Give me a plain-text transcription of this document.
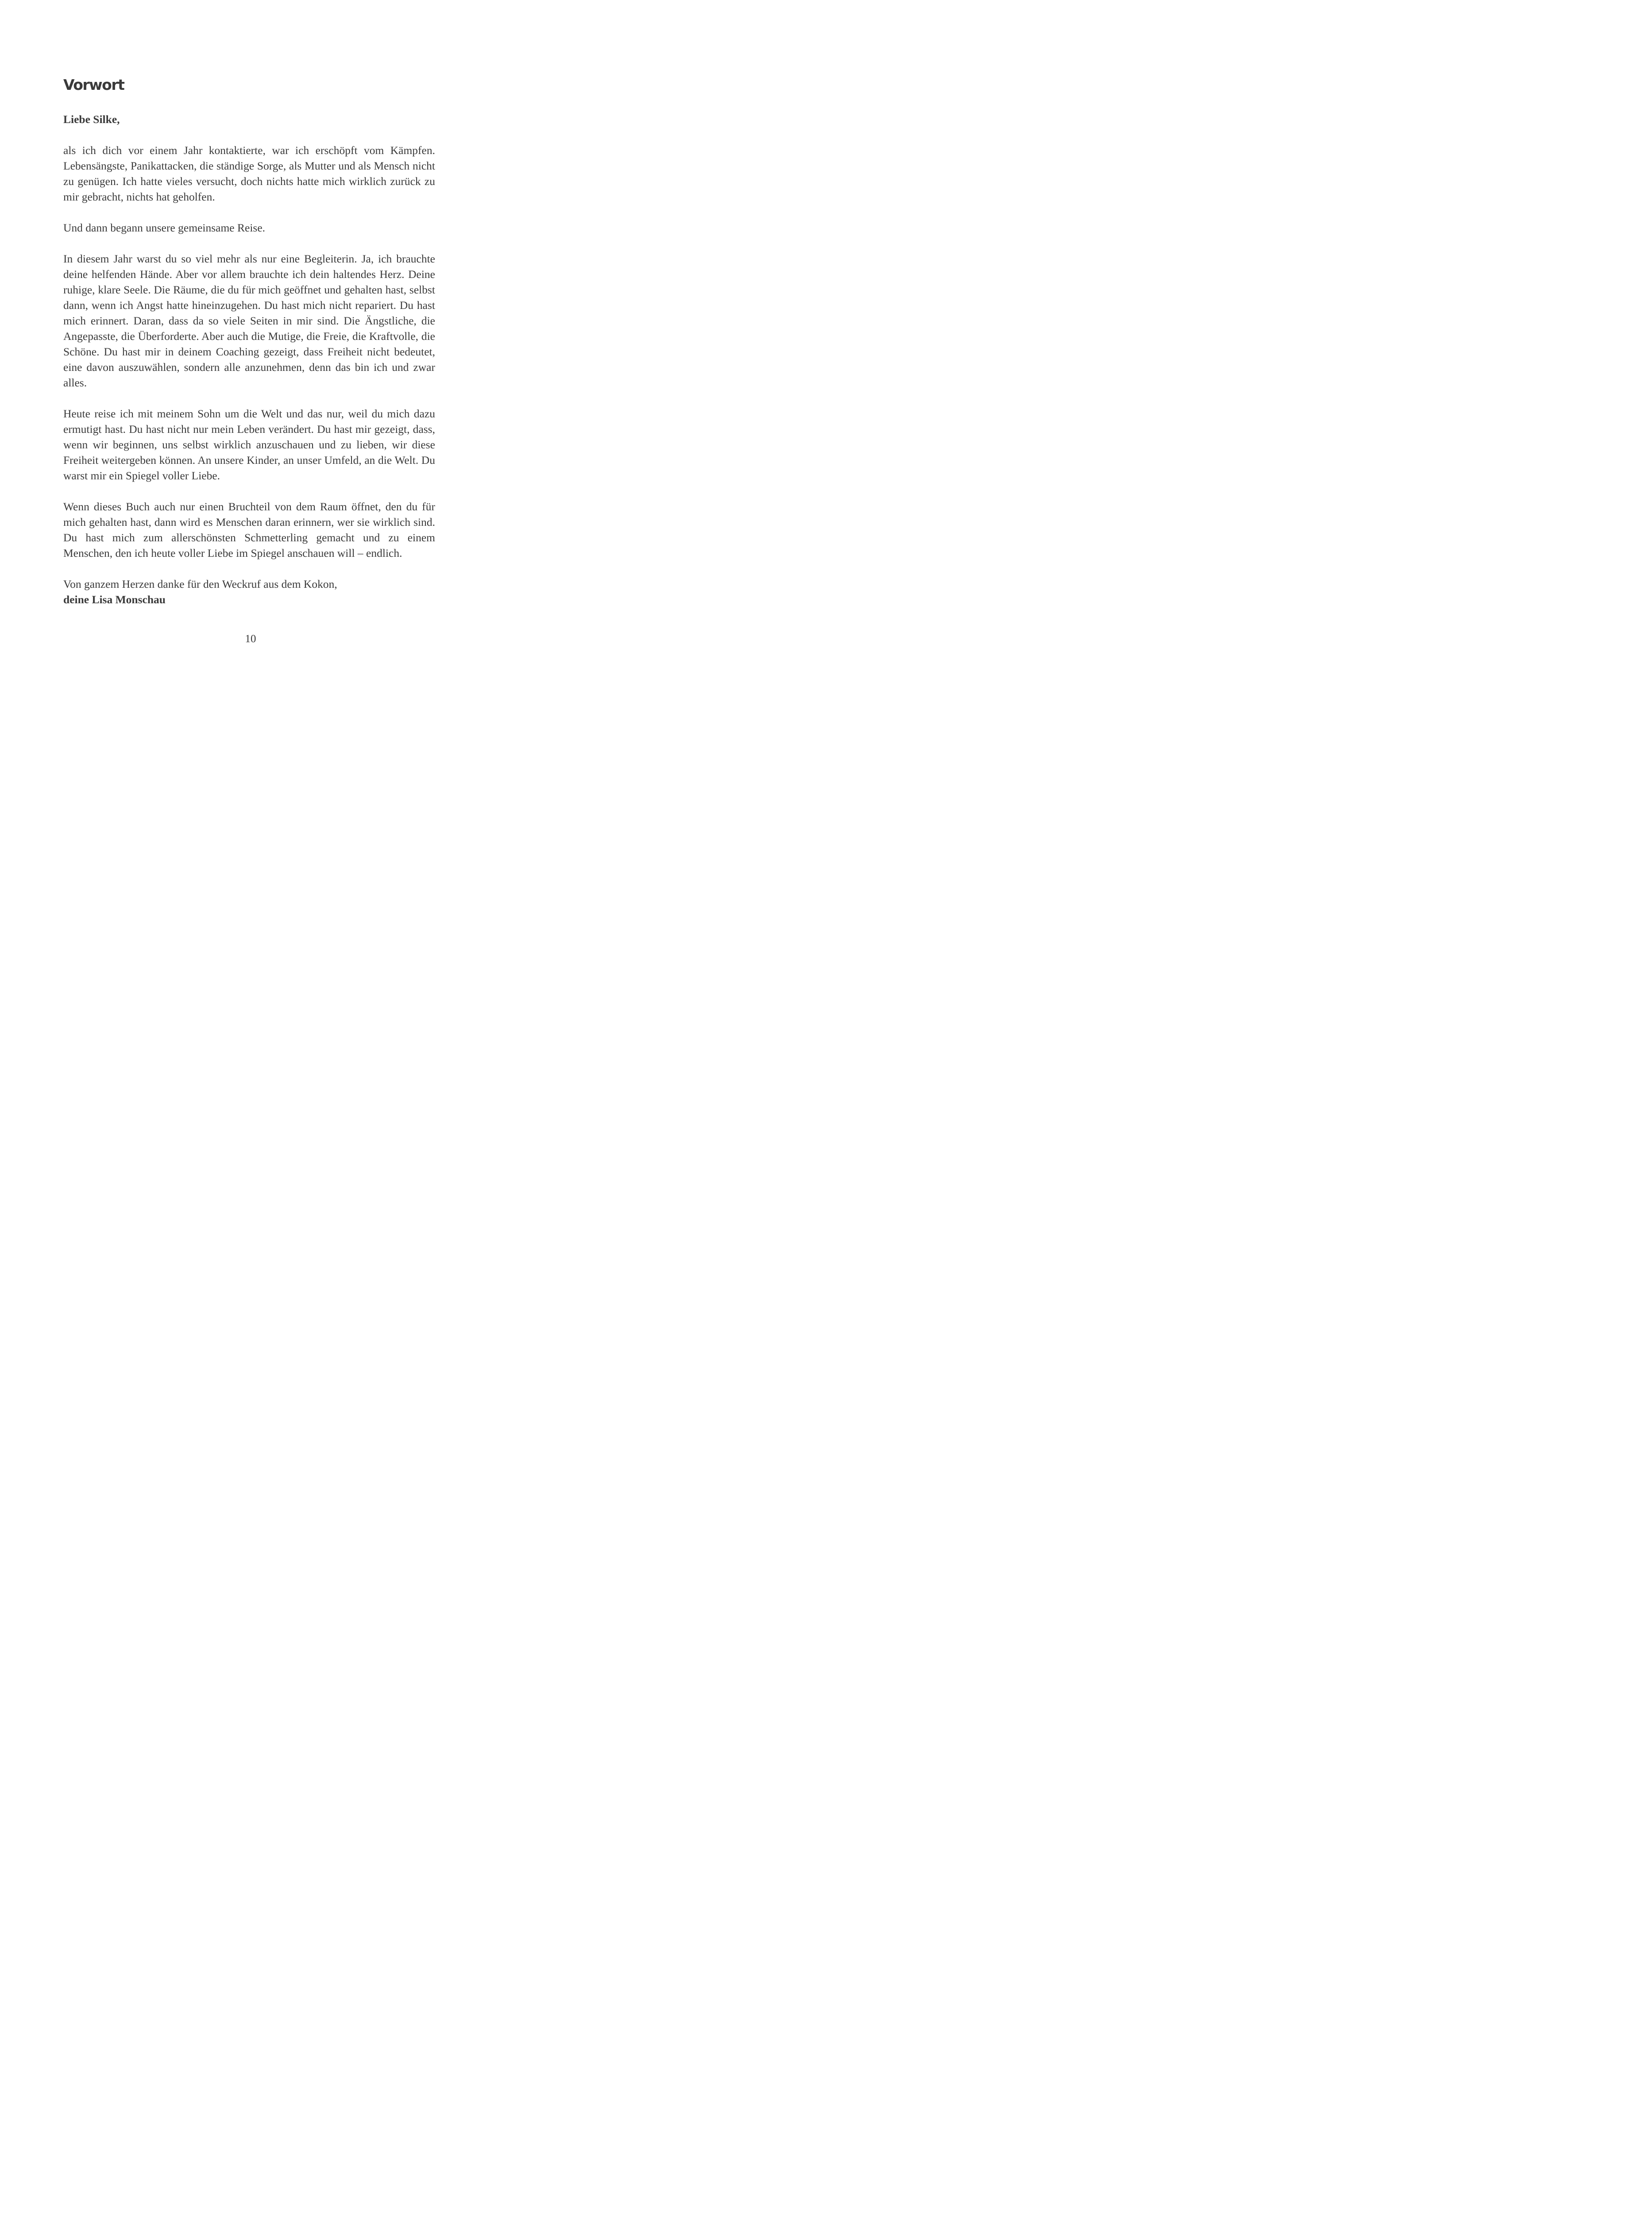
Vorwort

Liebe Silke,

als ich dich vor einem Jahr kontaktierte, war ich erschöpft vom Kämpfen. Lebensängste, Panikattacken, die ständige Sorge, als Mutter und als Mensch nicht zu genügen. Ich hatte vieles versucht, doch nichts hatte mich wirklich zurück zu mir gebracht, nichts hat geholfen.

Und dann begann unsere gemeinsame Reise.

In diesem Jahr warst du so viel mehr als nur eine Begleiterin. Ja, ich brauchte deine helfenden Hände. Aber vor allem brauchte ich dein haltendes Herz. Deine ruhige, klare Seele. Die Räume, die du für mich geöffnet und gehalten hast, selbst dann, wenn ich Angst hatte hineinzugehen. Du hast mich nicht repariert. Du hast mich erinnert. Daran, dass da so viele Seiten in mir sind. Die Ängstliche, die Angepasste, die Überforderte. Aber auch die Mutige, die Freie, die Kraftvolle, die Schöne. Du hast mir in deinem Coaching gezeigt, dass Freiheit nicht bedeutet, eine davon auszuwählen, sondern alle anzunehmen, denn das bin ich und zwar alles.

Heute reise ich mit meinem Sohn um die Welt und das nur, weil du mich dazu ermutigt hast. Du hast nicht nur mein Leben verändert. Du hast mir gezeigt, dass, wenn wir beginnen, uns selbst wirklich anzuschauen und zu lieben, wir diese Freiheit weitergeben können. An unsere Kinder, an unser Umfeld, an die Welt. Du warst mir ein Spiegel voller Liebe.

Wenn dieses Buch auch nur einen Bruchteil von dem Raum öffnet, den du für mich gehalten hast, dann wird es Menschen daran erinnern, wer sie wirklich sind. Du hast mich zum allerschönsten Schmetterling gemacht und zu einem Menschen, den ich heute voller Liebe im Spiegel anschauen will – endlich.

Von ganzem Herzen danke für den Weckruf aus dem Kokon,
deine Lisa Monschau
10
